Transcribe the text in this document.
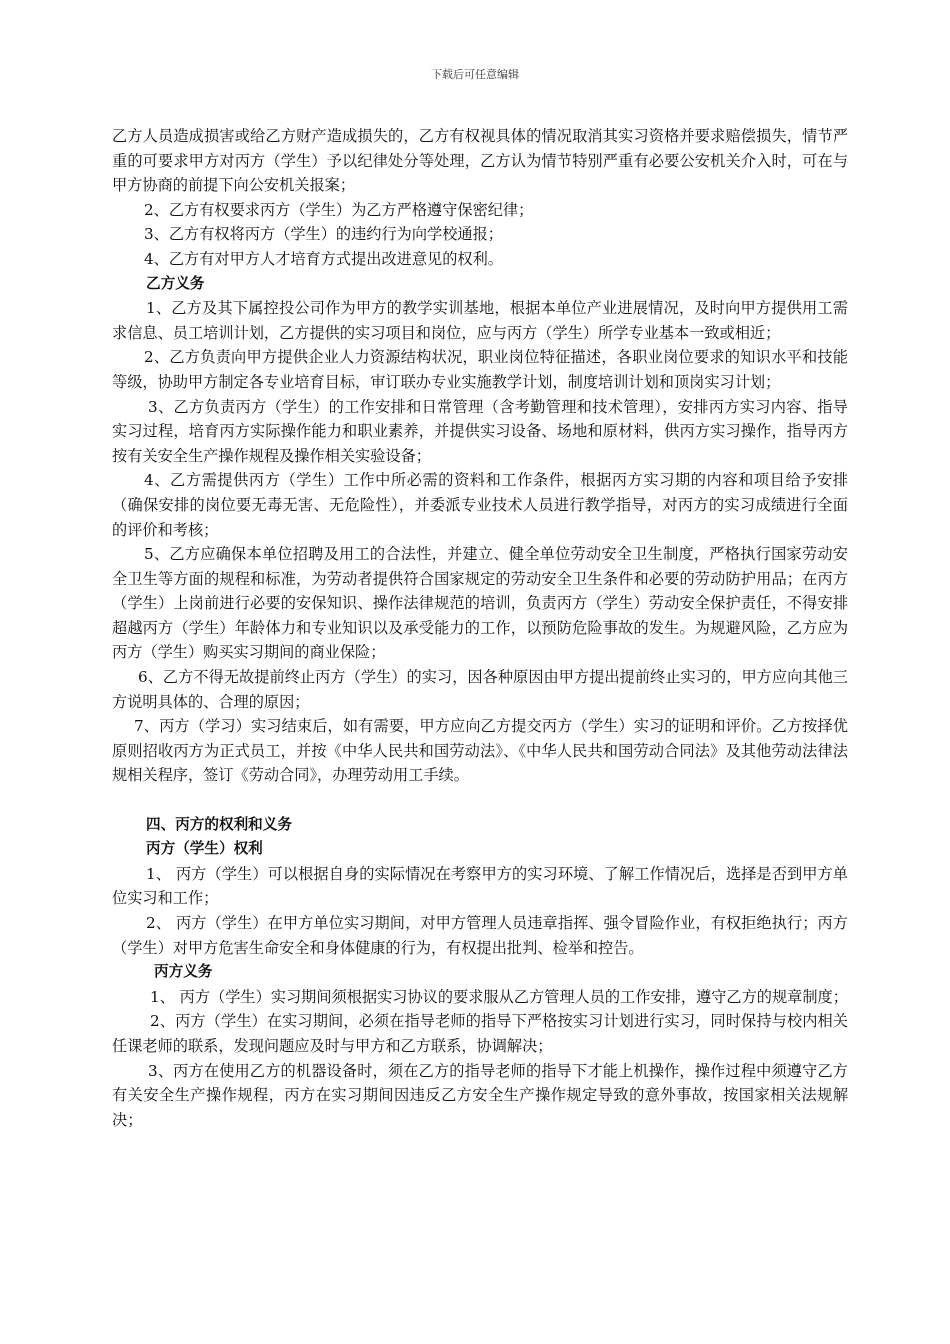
下载后可任意编辑

乙方人员造成损害或给乙方财产造成损失的，乙方有权视具体的情况取消其实习资格并要求赔偿损失，情节严重的可要求甲方对丙方（学生）予以纪律处分等处理，乙方认为情节特别严重有必要公安机关介入时，可在与甲方协商的前提下向公安机关报案；

2、乙方有权要求丙方（学生）为乙方严格遵守保密纪律；

3、乙方有权将丙方（学生）的违约行为向学校通报；

4、乙方有对甲方人才培育方式提出改进意见的权利。

乙方义务

1、乙方及其下属控投公司作为甲方的教学实训基地，根据本单位产业进展情况，及时向甲方提供用工需求信息、员工培训计划，乙方提供的实习项目和岗位，应与丙方（学生）所学专业基本一致或相近；

2、乙方负责向甲方提供企业人力资源结构状况，职业岗位特征描述，各职业岗位要求的知识水平和技能等级，协助甲方制定各专业培育目标，审订联办专业实施教学计划，制度培训计划和顶岗实习计划；

3、乙方负责丙方（学生）的工作安排和日常管理（含考勤管理和技术管理），安排丙方实习内容、指导实习过程，培育丙方实际操作能力和职业素养，并提供实习设备、场地和原材料，供丙方实习操作，指导丙方按有关安全生产操作规程及操作相关实验设备；

4、乙方需提供丙方（学生）工作中所必需的资料和工作条件，根据丙方实习期的内容和项目给予安排（确保安排的岗位要无毒无害、无危险性），并委派专业技术人员进行教学指导，对丙方的实习成绩进行全面的评价和考核；

5、乙方应确保本单位招聘及用工的合法性，并建立、健全单位劳动安全卫生制度，严格执行国家劳动安全卫生等方面的规程和标准，为劳动者提供符合国家规定的劳动安全卫生条件和必要的劳动防护用品；在丙方（学生）上岗前进行必要的安保知识、操作法律规范的培训，负责丙方（学生）劳动安全保护责任，不得安排超越丙方（学生）年龄体力和专业知识以及承受能力的工作，以预防危险事故的发生。为规避风险，乙方应为丙方（学生）购买实习期间的商业保险；

6、乙方不得无故提前终止丙方（学生）的实习，因各种原因由甲方提出提前终止实习的，甲方应向其他三方说明具体的、合理的原因；

7、丙方（学习）实习结束后，如有需要，甲方应向乙方提交丙方（学生）实习的证明和评价。乙方按择优原则招收丙方为正式员工，并按《中华人民共和国劳动法》、《中华人民共和国劳动合同法》及其他劳动法律法规相关程序，签订《劳动合同》，办理劳动用工手续。

四、丙方的权利和义务

丙方（学生）权利

1、 丙方（学生）可以根据自身的实际情况在考察甲方的实习环境、了解工作情况后，选择是否到甲方单位实习和工作；

2、 丙方（学生）在甲方单位实习期间，对甲方管理人员违章指挥、强令冒险作业，有权拒绝执行；丙方（学生）对甲方危害生命安全和身体健康的行为，有权提出批判、检举和控告。

丙方义务

1、 丙方（学生）实习期间须根据实习协议的要求服从乙方管理人员的工作安排，遵守乙方的规章制度；

2、丙方（学生）在实习期间，必须在指导老师的指导下严格按实习计划进行实习，同时保持与校内相关任课老师的联系，发现问题应及时与甲方和乙方联系，协调解决；

3、丙方在使用乙方的机器设备时，须在乙方的指导老师的指导下才能上机操作，操作过程中须遵守乙方有关安全生产操作规程，丙方在实习期间因违反乙方安全生产操作规定导致的意外事故，按国家相关法规解决；
